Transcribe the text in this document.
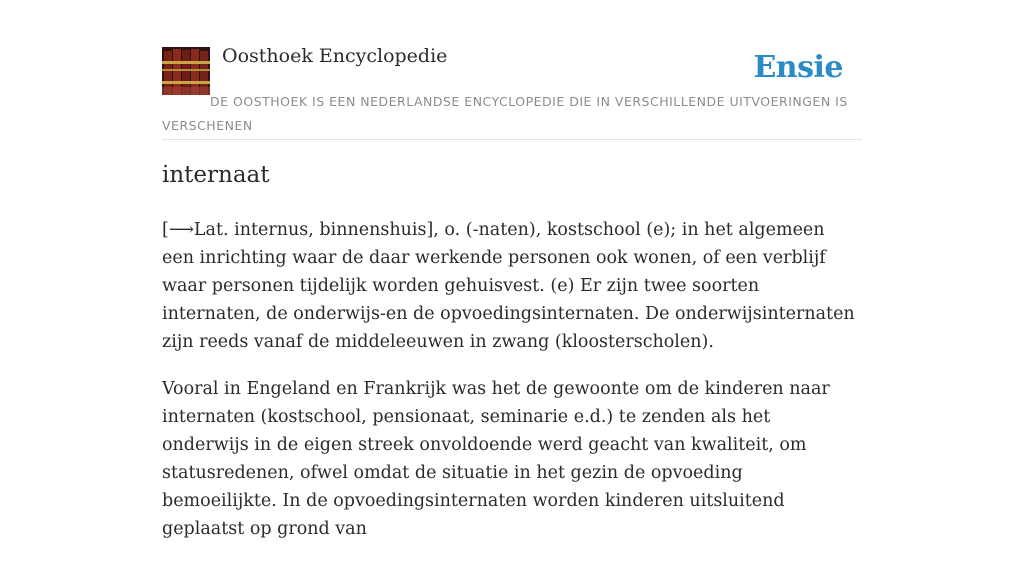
Oosthoek Encyclopedie	Ensie
DE OOSTHOEK IS EEN NEDERLANDSE ENCYCLOPEDIE DIE IN VERSCHILLENDE UITVOERINGEN IS VERSCHENEN
internaat

[⟶Lat. internus, binnenshuis], o. (-naten), kostschool (e); in het algemeen een inrichting waar de daar werkende personen ook wonen, of een verblijf waar personen tijdelijk worden gehuisvest. (e) Er zijn twee soorten internaten, de onderwijs-en de opvoedingsinternaten. De onderwijsinternaten zijn reeds vanaf de middeleeuwen in zwang (kloosterscholen).

Vooral in Engeland en Frankrijk was het de gewoonte om de kinderen naar internaten (kostschool, pensionaat, seminarie e.d.) te zenden als het onderwijs in de eigen streek onvoldoende werd geacht van kwaliteit, om statusredenen, ofwel omdat de situatie in het gezin de opvoeding bemoeilijkte. In de opvoedingsinternaten worden kinderen uitsluitend geplaatst op grond van
